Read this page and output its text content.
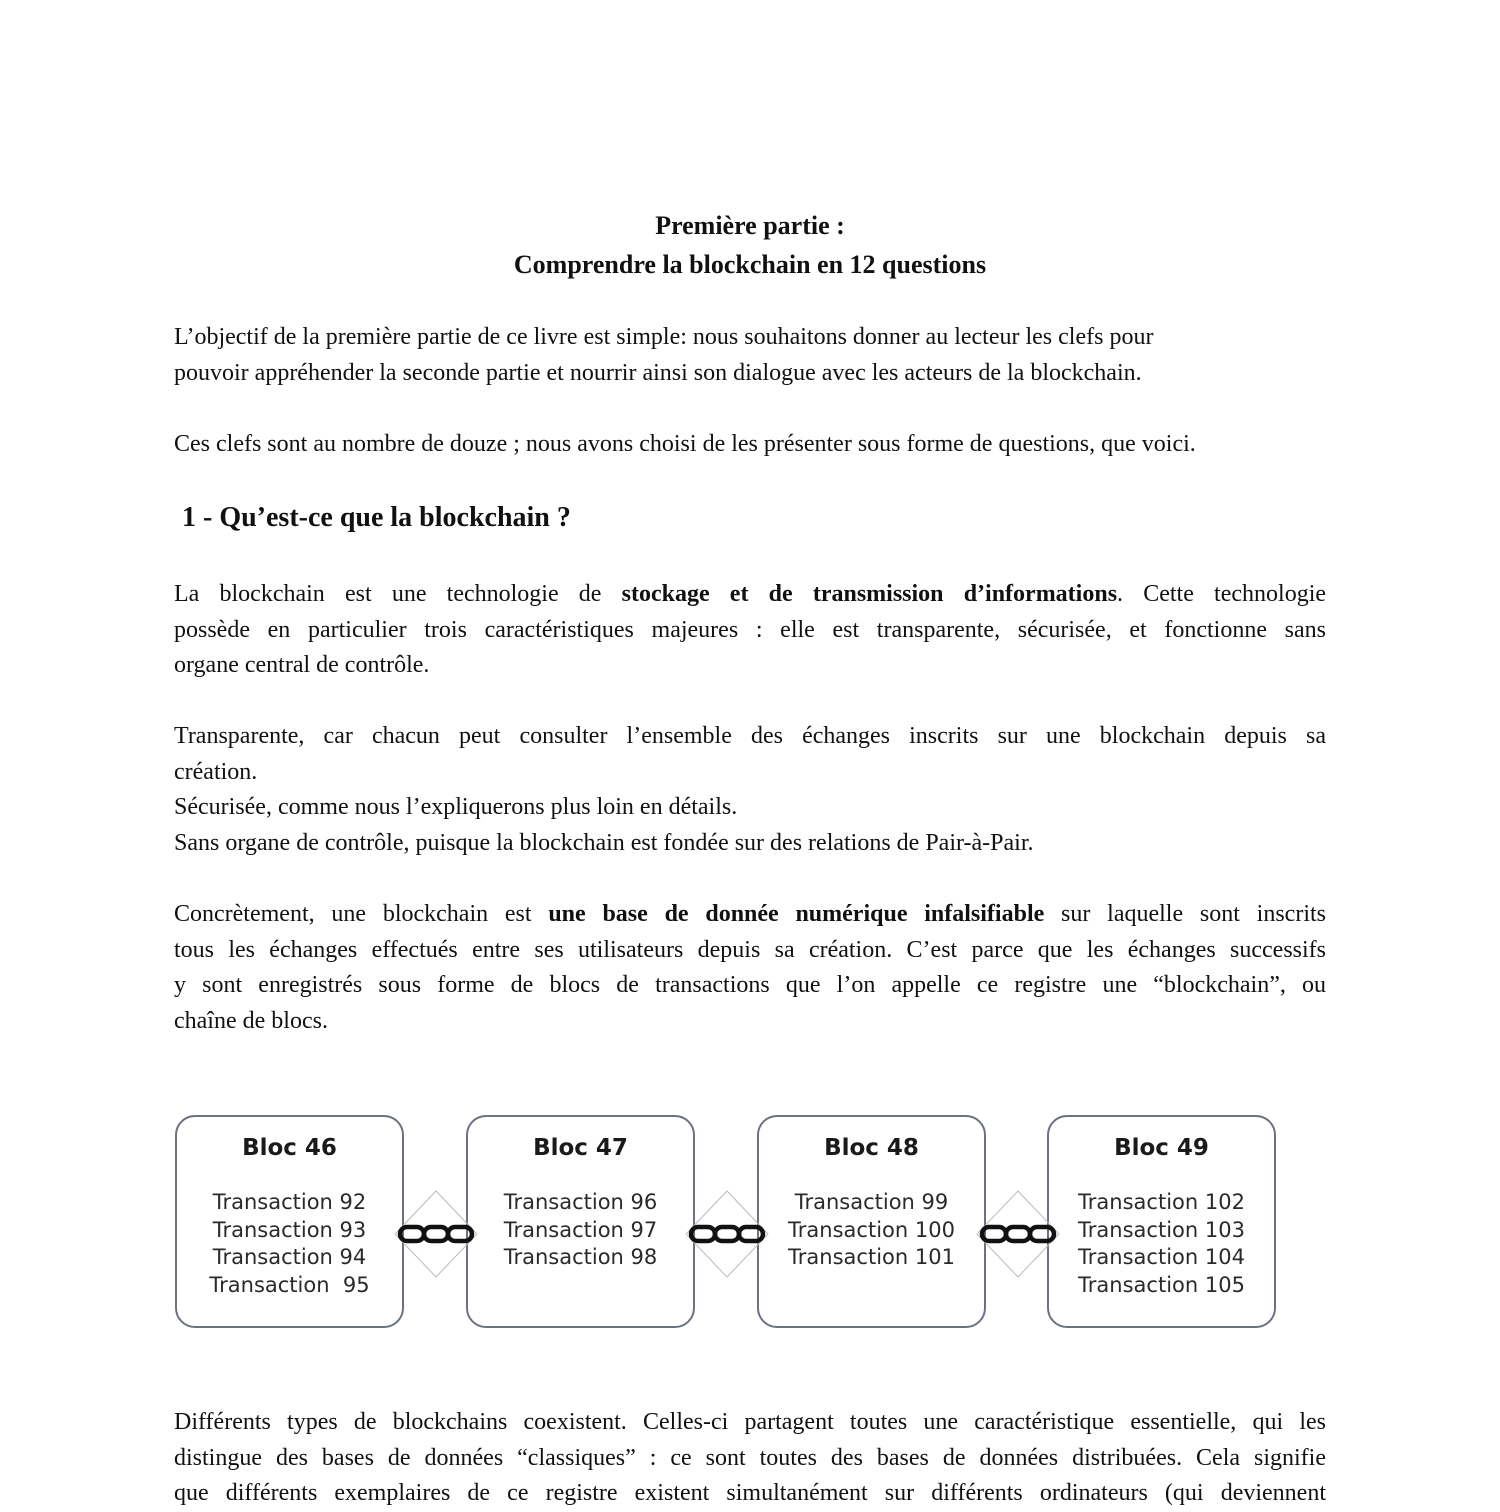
Première partie :
Comprendre la blockchain en 12 questions
L’objectif de la première partie de ce livre est simple: nous souhaitons donner au lecteur les clefs pour
pouvoir appréhender la seconde partie et nourrir ainsi son dialogue avec les acteurs de la blockchain.
Ces clefs sont au nombre de douze ; nous avons choisi de les présenter sous forme de questions, que voici.
1 - Qu’est-ce que la blockchain ?
La blockchain est une technologie de stockage et de transmission d’informations. Cette technologie
possède en particulier trois caractéristiques majeures : elle est transparente, sécurisée, et fonctionne sans
organe central de contrôle.
Transparente, car chacun peut consulter l’ensemble des échanges inscrits sur une blockchain depuis sa
création.
Sécurisée, comme nous l’expliquerons plus loin en détails.
Sans organe de contrôle, puisque la blockchain est fondée sur des relations de Pair-à-Pair.
Concrètement, une blockchain est une base de donnée numérique infalsifiable sur laquelle sont inscrits
tous les échanges effectués entre ses utilisateurs depuis sa création. C’est parce que les échanges successifs
y sont enregistrés sous forme de blocs de transactions que l’on appelle ce registre une “blockchain”, ou
chaîne de blocs.
Bloc 46
Transaction 92
Transaction 93
Transaction 94
Transaction  95
Bloc 47
Transaction 96
Transaction 97
Transaction 98
Bloc 48
Transaction 99
Transaction 100
Transaction 101
Bloc 49
Transaction 102
Transaction 103
Transaction 104
Transaction 105
Différents types de blockchains coexistent. Celles-ci partagent toutes une caractéristique essentielle, qui les
distingue des bases de données “classiques” : ce sont toutes des bases de données distribuées. Cela signifie
que différents exemplaires de ce registre existent simultanément sur différents ordinateurs (qui deviennent
